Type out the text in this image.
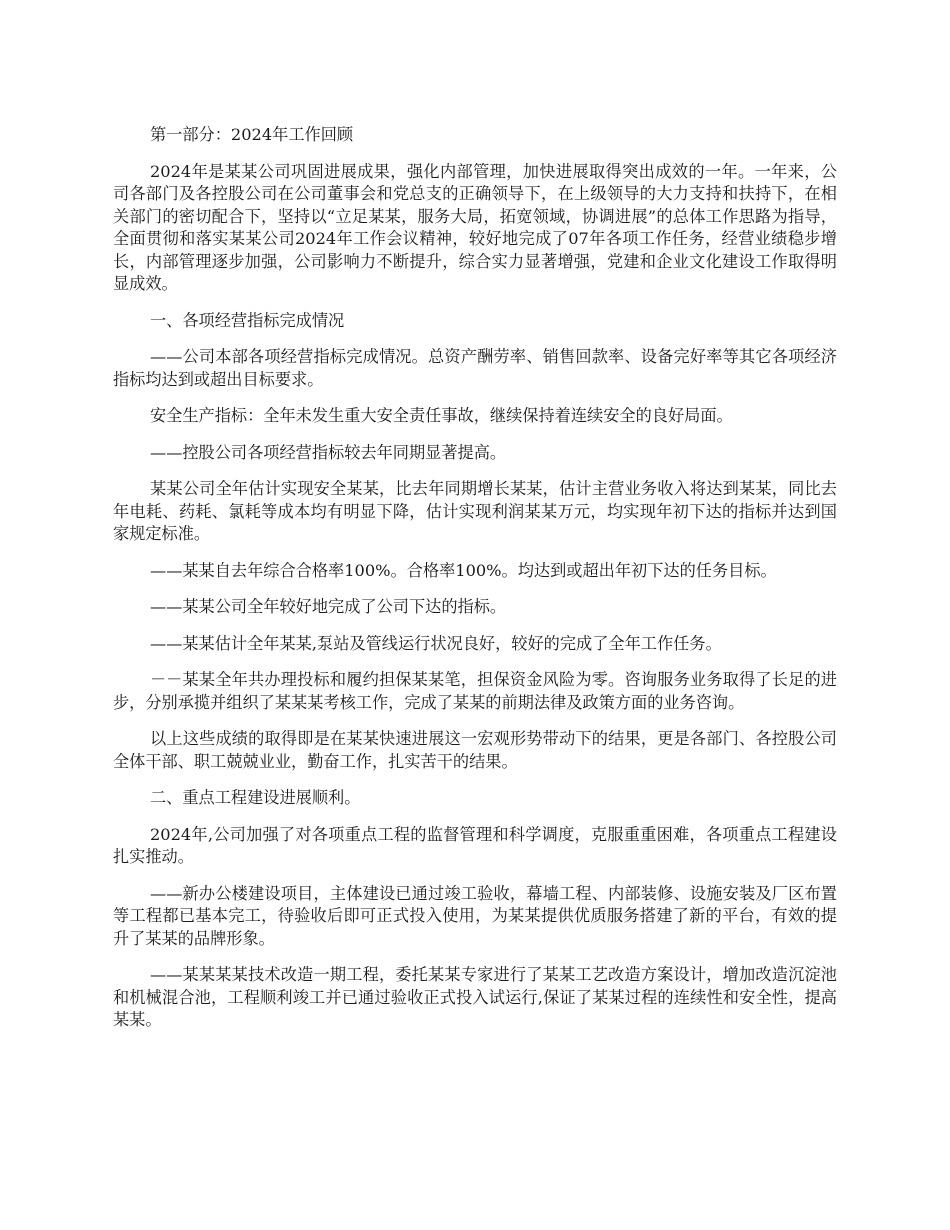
第一部分：2024年工作回顾

2024年是某某公司巩固进展成果，强化内部管理，加快进展取得突出成效的一年。一年来，公司各部门及各控股公司在公司董事会和党总支的正确领导下，在上级领导的大力支持和扶持下，在相关部门的密切配合下，坚持以“立足某某，服务大局，拓宽领域，协调进展”的总体工作思路为指导，全面贯彻和落实某某公司2024年工作会议精神，较好地完成了07年各项工作任务，经营业绩稳步增长，内部管理逐步加强，公司影响力不断提升，综合实力显著增强，党建和企业文化建设工作取得明显成效。

一、各项经营指标完成情况

——公司本部各项经营指标完成情况。总资产酬劳率、销售回款率、设备完好率等其它各项经济指标均达到或超出目标要求。

安全生产指标：全年未发生重大安全责任事故，继续保持着连续安全的良好局面。

——控股公司各项经营指标较去年同期显著提高。

某某公司全年估计实现安全某某，比去年同期增长某某，估计主营业务收入将达到某某，同比去年电耗、药耗、氯耗等成本均有明显下降，估计实现利润某某万元，均实现年初下达的指标并达到国家规定标准。

——某某自去年综合合格率100%。合格率100%。均达到或超出年初下达的任务目标。

——某某公司全年较好地完成了公司下达的指标。

——某某估计全年某某,泵站及管线运行状况良好，较好的完成了全年工作任务。

－－某某全年共办理投标和履约担保某某笔，担保资金风险为零。咨询服务业务取得了长足的进步，分别承揽并组织了某某某考核工作，完成了某某的前期法律及政策方面的业务咨询。

以上这些成绩的取得即是在某某快速进展这一宏观形势带动下的结果，更是各部门、各控股公司全体干部、职工兢兢业业，勤奋工作，扎实苦干的结果。

二、重点工程建设进展顺利。

2024年,公司加强了对各项重点工程的监督管理和科学调度，克服重重困难，各项重点工程建设扎实推动。

——新办公楼建设项目，主体建设已通过竣工验收，幕墙工程、内部装修、设施安装及厂区布置等工程都已基本完工，待验收后即可正式投入使用，为某某提供优质服务搭建了新的平台，有效的提升了某某的品牌形象。

——某某某某技术改造一期工程，委托某某专家进行了某某工艺改造方案设计，增加改造沉淀池和机械混合池，工程顺利竣工并已通过验收正式投入试运行,保证了某某过程的连续性和安全性，提高某某。
